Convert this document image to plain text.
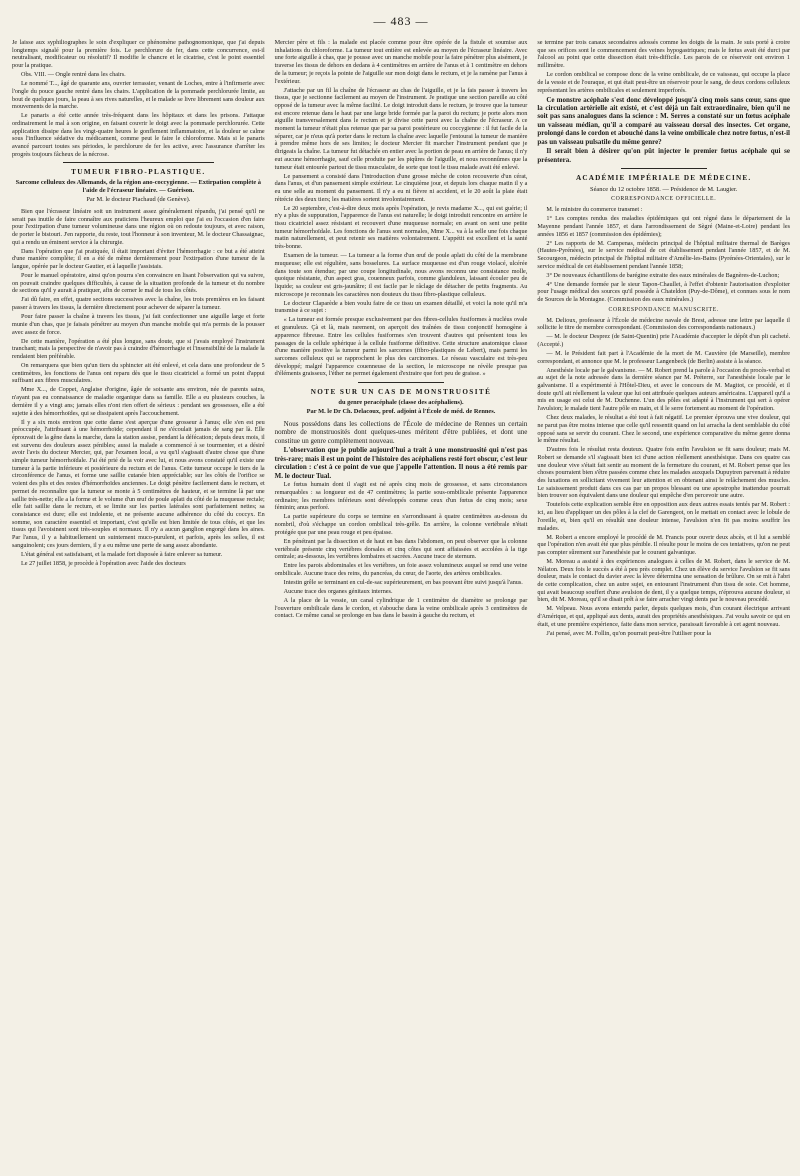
— 483 —

Je laisse aux syphiliographes le soin d'expliquer ce phénomène pathognomonique, que j'ai depuis longtemps signalé pour la première fois. Le perchlorure de fer, dans cette concurrence, est-il neutralisant, modificateur ou résolutif? Il modifie le chancre et le cicatrise, c'est le point essentiel pour la pratique.

Obs. VIII. — Ongle rentré dans les chairs.

Le nommé T..., âgé de quarante ans, ouvrier terrassier, venant de Loches, entre à l'infirmerie avec l'ongle du pouce gauche rentré dans les chairs. L'application de la pommade perchlorurée limite, au bout de quelques jours, la peau à ses rives naturelles, et le malade se livre librement sans douleur aux mouvements de la marche.

Le panaris a été cette année très-fréquent dans les hôpitaux et dans les prisons. J'attaque ordinairement le mal à son origine, en faisant couvrir le doigt avec la pommade perchlorurée. Cette application dissipe dans les vingt-quatre heures le gonflement inflammatoire, et la douleur se calme sous l'influence sédative du médicament, comme peut le faire le chloroforme. Mais si le panaris avancé parcourt toutes ses périodes, le perchlorure de fer les active, avec l'assurance d'arrêter les progrès toujours fâcheux de la nécrose.

TUMEUR FIBRO-PLASTIQUE.
Sarcome celluleux des Allemands, de la région ano-coccygienne. — Extirpation complète à l'aide de l'écraseur linéaire. — Guérison.
Par M. le docteur Piachaud (de Genève).

Bien que l'écraseur linéaire soit un instrument assez généralement répandu, j'ai pensé qu'il ne serait pas inutile de faire connaître aux praticiens l'heureux emploi que j'ai eu l'occasion d'en faire pour l'extirpation d'une tumeur volumineuse dans une région où on redoute toujours, et avec raison, de porter le bistouri. J'en rapporte, du reste, tout l'honneur à son inventeur, M. le docteur Chassaignac, qui a rendu un éminent service à la chirurgie.

Dans l'opération que j'ai pratiquée, il était important d'éviter l'hémorrhagie : ce but a été atteint d'une manière complète; il en a été de même dernièrement pour l'extirpation d'une tumeur de la langue, opérée par le docteur Gautier, et à laquelle j'assistais.

Pour le manuel opératoire, ainsi qu'on pourra s'en convaincre en lisant l'observation qui va suivre, on pouvait craindre quelques difficultés, à cause de la situation profonde de la tumeur et du nombre de sections qu'il y aurait à pratiquer, afin de cerner le mal de tous les côtés.

J'ai dû faire, en effet, quatre sections successives avec la chaîne, les trois premières en les faisant passer à travers les tissus, la dernière directement pour achever de séparer la tumeur.

Pour faire passer la chaîne à travers les tissus, j'ai fait confectionner une aiguille large et forte munie d'un chas, que je faisais pénétrer au moyen d'un manche mobile qui m'a permis de la pousser avec assez de force.

De cette manière, l'opération a été plus longue, sans doute, que si j'avais employé l'instrument tranchant; mais la perspective de n'avoir pas à craindre d'hémorrhagie et l'insensibilité de la malade la rendaient bien préférable.

On remarquera que bien qu'un tiers du sphincter ait été enlevé, et cela dans une profondeur de 5 centimètres, les fonctions de l'anus ont reparu dès que le tissu cicatriciel a formé un point d'appui suffisant aux fibres musculaires.

Mme X..., de Coppet, Anglaise d'origine, âgée de soixante ans environ, née de parents sains, n'ayant pas eu connaissance de maladie organique dans sa famille. Elle a eu plusieurs couches, la dernière il y a vingt ans; jamais elles n'ont rien offert de sérieux : pendant ses grossesses, elle a été sujette à des hémorrhoïdes, qui se dissipaient après l'accouchement.

Il y a six mois environ que cette dame s'est aperçue d'une grosseur à l'anus; elle s'en est peu préoccupée, l'attribuant à une hémorrhoïde; cependant il ne s'écoulait jamais de sang par là. Elle éprouvait de la gêne dans la marche, dans la station assise, pendant la défécation; depuis deux mois, il est survenu des douleurs assez pénibles; aussi la malade a commencé à se tourmenter, et a désiré avoir l'avis du docteur Mercier, qui, par l'examen local, a vu qu'il s'agissait d'autre chose que d'une simple tumeur hémorrhoïdale. J'ai été prié de la voir avec lui, et nous avons constaté qu'il existe une tumeur à la partie inférieure et postérieure du rectum et de l'anus. Cette tumeur occupe le tiers de la circonférence de l'anus, et forme une saillie cutanée bien appréciable; sur les côtés de l'orifice se voient des plis et des restes d'hémorrhoïdes anciennes. Le doigt pénètre facilement dans le rectum, et permet de reconnaître que la tumeur se monte à 5 centimètres de hauteur, et se termine là par une saillie très-nette; elle a la forme et le volume d'un œuf de poule aplati du côté de la muqueuse rectale; elle fait saillie dans le rectum, et se limite sur les parties latérales sont parfaitement nettes; sa consistance est dure; elle est indolente, et ne présente aucune adhérence du côté du coccyx. En somme, son caractère essentiel et important, c'est qu'elle est bien limitée de tous côtés, et que les tissus qui l'avoisinent sont très-souples et normaux. Il n'y a aucun ganglion engorgé dans les aines. Par l'anus, il y a habituellement un suintement muco-purulent, et parfois, après les selles, il est sanguinolent; ces jours derniers, il y a eu même une perte de sang assez abondante.

L'état général est satisfaisant, et la malade fort disposée à faire enlever sa tumeur.

Le 27 juillet 1858, je procède à l'opération avec l'aide des docteurs

Mercier père et fils : la malade est placée comme pour être opérée de la fistule et soumise aux inhalations du chloroforme. La tumeur tout entière est enlevée au moyen de l'écraseur linéaire. Avec une forte aiguille à chas, que je pousse avec un manche mobile pour la faire pénétrer plus aisément, je traverse les tissus de dehors en dedans à 4 centimètres en arrière de l'anus et à 1 centimètre en dehors de la tumeur; je reçois la pointe de l'aiguille sur mon doigt dans le rectum, et je la ramène par l'anus à l'extérieur.

J'attache par un fil la chaîne de l'écraseur au chas de l'aiguille, et je la fais passer à travers les tissus, que je sectionne facilement au moyen de l'instrument. Je pratique une section pareille au côté opposé de la tumeur avec la même facilité. Le doigt introduit dans le rectum, je trouve que la tumeur est encore retenue dans le haut par une large bride formée par la paroi du rectum; je porte alors mon aiguille transversalement dans le rectum et je divise cette paroi avec la chaîne de l'écraseur. A ce moment la tumeur n'était plus retenue que par sa paroi postérieure ou coccygienne : il fut facile de la séparer, car je n'eus qu'à porter dans le rectum la chaîne avec laquelle j'entourai la tumeur de manière à prendre même hors de ses limites; le docteur Mercier fit marcher l'instrument pendant que je dirigeais la chaîne. La tumeur fut détachée en entier avec la portion de peau en arrière de l'anus; il n'y eut aucune hémorrhagie, sauf celle produite par les piqûres de l'aiguille, et nous reconnûmes que la tumeur était entourée partout de tissu musculaire, de sorte que tout le tissu malade avait été enlevé.

Le pansement a consisté dans l'introduction d'une grosse mèche de coton recouverte d'un cérat, dans l'anus, et d'un pansement simple extérieur. Le cinquième jour, et depuis lors chaque matin il y a eu une selle au moment du pansement. Il n'y a eu ni fièvre ni accident, et le 20 août la plaie était rétrécie des deux tiers; les matières sortent involontairement.

Le 20 septembre, c'est-à-dire deux mois après l'opération, je revis madame X..., qui est guérie; il n'y a plus de suppuration, l'apparence de l'anus est naturelle; le doigt introduit rencontre en arrière le tissu cicatriciel assez résistant et recouvert d'une muqueuse normale; en avant on sent une petite tumeur hémorrhoïdale. Les fonctions de l'anus sont normales, Mme X... va à la selle une fois chaque matin naturellement, et peut retenir ses matières volontairement. L'appétit est excellent et la santé très-bonne.

Examen de la tumeur. — La tumeur a la forme d'un œuf de poule aplati du côté de la membrane muqueuse; elle est régulière, sans bosselures. La surface muqueuse est d'un rouge violacé, ulcérée dans toute son étendue; par une coupe longitudinale, nous avons reconnu une consistance molle, quoique résistante, d'un aspect gras, couenneux parfois, comme glanduleux, laissant écouler peu de liquide; sa couleur est gris-jaunâtre; il est facile par le râclage de détacher de petits fragments. Au microscope je reconnais les caractères non douteux du tissu fibro-plastique celluleux.

Le docteur Claparède a bien voulu faire de ce tissu un examen détaillé, et voici la note qu'il m'a transmise à ce sujet :

« La tumeur est formée presque exclusivement par des fibres-cellules fusiformes à nucléus ovale et granuleux. Çà et là, mais rarement, on aperçoit des traînées de tissu conjonctif homogène à apparence fibreuse. Entre les cellules fusiformes s'en trouvent d'autres qui présentent tous les passages de la cellule sphérique à la cellule fusiforme définitive. Cette structure anatomique classe d'une manière positive la tumeur parmi les sarcomes (fibro-plastiques de Lebert), mais parmi les sarcomes celluleux qui se rapprochent le plus des carcinomes. Le réseau vasculaire est très-peu développé; malgré l'apparence couenneuse de la section, le microscope ne révèle presque pas d'éléments graisseux, l'éther ne permet également d'extraire que fort peu de graisse. »

NOTE SUR UN CAS DE MONSTRUOSITÉ
du genre peracéphale (classe des acéphaliens).
Par M. le Dr Ch. Delacoux, prof. adjoint à l'École de méd. de Rennes.

Nous possédons dans les collections de l'École de médecine de Rennes un certain nombre de monstruosités dont quelques-unes méritent d'être publiées, et dont une constitue un genre complètement nouveau.

L'observation que je publie aujourd'hui a trait à une monstruosité qui n'est pas très-rare; mais il est un point de l'histoire des acéphaliens resté fort obscur, c'est leur circulation : c'est à ce point de vue que j'appelle l'attention. Il nous a été remis par M. le docteur Tual.

Le fœtus humain dont il s'agit est né après cinq mois de grossesse, et sans circonstances remarquables : sa longueur est de 47 centimètres; la partie sous-ombilicale présente l'apparence ordinaire; les membres inférieurs sont développés comme ceux d'un fœtus de cinq mois; sexe féminin; anus perforé.

La partie supérieure du corps se termine en s'arrondissant à quatre centimètres au-dessus du nombril, d'où s'échappe un cordon ombilical très-grêle. En arrière, la colonne vertébrale n'était protégée que par une peau rouge et peu épaisse.

En pénétrant par la dissection et de haut en bas dans l'abdomen, on peut observer que la colonne vertébrale présente cinq vertèbres dorsales et cinq côtes qui sont affaissées et accolées à la tige centrale; au-dessous, les vertèbres lombaires et sacrées. Aucune trace de sternum.

Entre les parois abdominales et les vertèbres, un foie assez volumineux auquel se rend une veine ombilicale. Aucune trace des reins, du pancréas, du cœur, de l'aorte, des artères ombilicales.

Intestin grêle se terminant en cul-de-sac supérieurement, en bas pouvant être suivi jusqu'à l'anus.

Aucune trace des organes génitaux internes.

A la place de la vessie, un canal cylindrique de 1 centimètre de diamètre se prolonge par l'ouverture ombilicale dans le cordon, et s'abouche dans la veine ombilicale après 3 centimètres de contact. Ce même canal se prolonge en bas dans le bassin à gauche du rectum, et

se termine par trois canaux secondaires adossés comme les doigts de la main. Je suis porté à croire que ses orifices sont le commencement des veines hypogastriques; mais le fœtus avait été durci par l'alcool au point que cette dissection était très-difficile. Les parois de ce réservoir ont environ 1 millimètre.

Le cordon ombilical se compose donc de la veine ombilicale, de ce vaisseau, qui occupe la place de la vessie et de l'ouraque, et qui était peut-être un réservoir pour le sang, de deux cordons celluleux représentant les artères ombilicales et seulement imperforés.

Ce monstre acéphale s'est donc développé jusqu'à cinq mois sans cœur, sans que la circulation artérielle ait existé, et c'est déjà un fait extraordinaire, bien qu'il ne soit pas sans analogues dans la science : M. Serres a constaté sur un fœtus acéphale un vaisseau médian, qu'il a comparé au vaisseau dorsal des insectes. Cet organe, prolongé dans le cordon et abouché dans la veine ombilicale chez notre fœtus, n'est-il pas un vaisseau pulsatile du même genre?

Il serait bien à désirer qu'on pût injecter le premier fœtus acéphale qui se présentera.

ACADÉMIE IMPÉRIALE DE MÉDECINE.
Séance du 12 octobre 1858. — Présidence de M. Laugier.
CORRESPONDANCE OFFICIELLE.

M. le ministre du commerce transmet :

1° Les comptes rendus des maladies épidémiques qui ont régné dans le département de la Mayenne pendant l'année 1857, et dans l'arrondissement de Sègré (Maine-et-Loire) pendant les années 1856 et 1857 (commission des épidémies);

2° Les rapports de M. Campenas, médecin principal de l'hôpital militaire thermal de Barèges (Hautes-Pyrénées), sur le service médical de cet établissement pendant l'année 1857, et de M. Secourgeon, médecin principal de l'hôpital militaire d'Amélie-les-Bains (Pyrénées-Orientales), sur le service médical de cet établissement pendant l'année 1858;

3° De nouveaux échantillons de barégine extraite des eaux minérales de Bagnères-de-Luchon;

4° Une demande formée par le sieur Tapon-Chaullet, à l'effet d'obtenir l'autorisation d'exploiter pour l'usage médical des sources qu'il possède à Chateldon (Puy-de-Dôme), et connues sous le nom de Sources de la Montagne. (Commission des eaux minérales.)

CORRESPONDANCE MANUSCRITE.

M. Delioux, professeur à l'École de médecine navale de Brest, adresse une lettre par laquelle il sollicite le titre de membre correspondant. (Commission des correspondants nationaux.)

— M. le docteur Desprez (de Saint-Quentin) prie l'Académie d'accepter le dépôt d'un pli cacheté. (Accepté.)

— M. le Président fait part à l'Académie de la mort de M. Cauvière (de Marseille), membre correspondant, et annonce que M. le professeur Langenbeck (de Berlin) assiste à la séance.

Anesthésie locale par le galvanisme. — M. Robert prend la parole à l'occasion du procès-verbal et au sujet de la note adressée dans la dernière séance par M. Préterre, sur l'anesthésie locale par le galvanisme. Il a expérimenté à l'Hôtel-Dieu, et avec le concours de M. Magitot, ce procédé, et il doute qu'il ait réellement la valeur que lui ont attribuée quelques auteurs américains. L'appareil qu'il a mis en usage est celui de M. Duchenne. L'un des pôles est adapté à l'instrument qui sert à opérer l'avulsion; le malade tient l'autre pôle en main, et il le serre fortement au moment de l'opération.

Chez deux malades, le résultat a été tout à fait négatif. Le premier éprouva une vive douleur, qui ne parut pas être moins intense que celle qu'il ressentit quand on lui arracha la dent semblable du côté opposé sans se servir du courant. Chez le second, une expérience comparative du même genre donna le même résultat.

D'autres fois le résultat resta douteux. Quatre fois enfin l'avulsion se fit sans douleur; mais M. Robert se demande s'il s'agissait bien ici d'une action réellement anesthésique. Dans ces quatre cas une douleur vive s'était fait sentir au moment de la fermeture du courant, et M. Robert pense que les choses pourraient bien s'être passées comme chez les malades auxquels Dupuytren parvenait à réduire des luxations en sollicitant vivement leur attention et en obtenant ainsi le relâchement des muscles. Le saisissement produit dans ces cas par un propos blessant ou une apostrophe inattendue pourrait bien trouver son équivalent dans une douleur qui empêche d'en percevoir une autre.

Toutefois cette explication semble être en opposition aux deux autres essais tentés par M. Robert : ici, au lieu d'appliquer un des pôles à la clef de Garengeot, on le mettait en contact avec le lobule de l'oreille, et, bien qu'il en résultât une douleur intense, l'avulsion n'en fit pas moins souffrir les malades.

M. Robert a encore employé le procédé de M. Francis pour ouvrir deux abcès, et il lui a semblé que l'opération n'en avait été que plus pénible. Il résulte pour le moins de ces tentatives, qu'on ne peut pas compter sûrement sur l'anesthésie par le courant galvanique.

M. Moreau a assisté à des expériences analogues à celles de M. Robert, dans le service de M. Nélaton. Deux fois le succès a été à peu près complet. Chez un élève du service l'avulsion se fit sans douleur, mais le contact du davier avec la lèvre détermina une sensation de brûlure. On se mit à l'abri de cette complication, chez un autre sujet, en entourant l'instrument d'un tissu de soie. Cet homme, qui avait beaucoup souffert d'une avulsion de dent, il y a quelque temps, n'éprouva aucune douleur, si bien, dit M. Moreau, qu'il se disait prêt à se faire arracher vingt dents par le nouveau procédé.

M. Velpeau. Nous avons entendu parler, depuis quelques mois, d'un courant électrique arrivant d'Amérique, et qui, appliqué aux dents, aurait des propriétés anesthésiques. J'ai voulu savoir ce qui en était, et une première expérience, faite dans mon service, paraissait favorable à cet agent nouveau.

J'ai pensé, avec M. Follin, qu'on pourrait peut-être l'utiliser pour la
